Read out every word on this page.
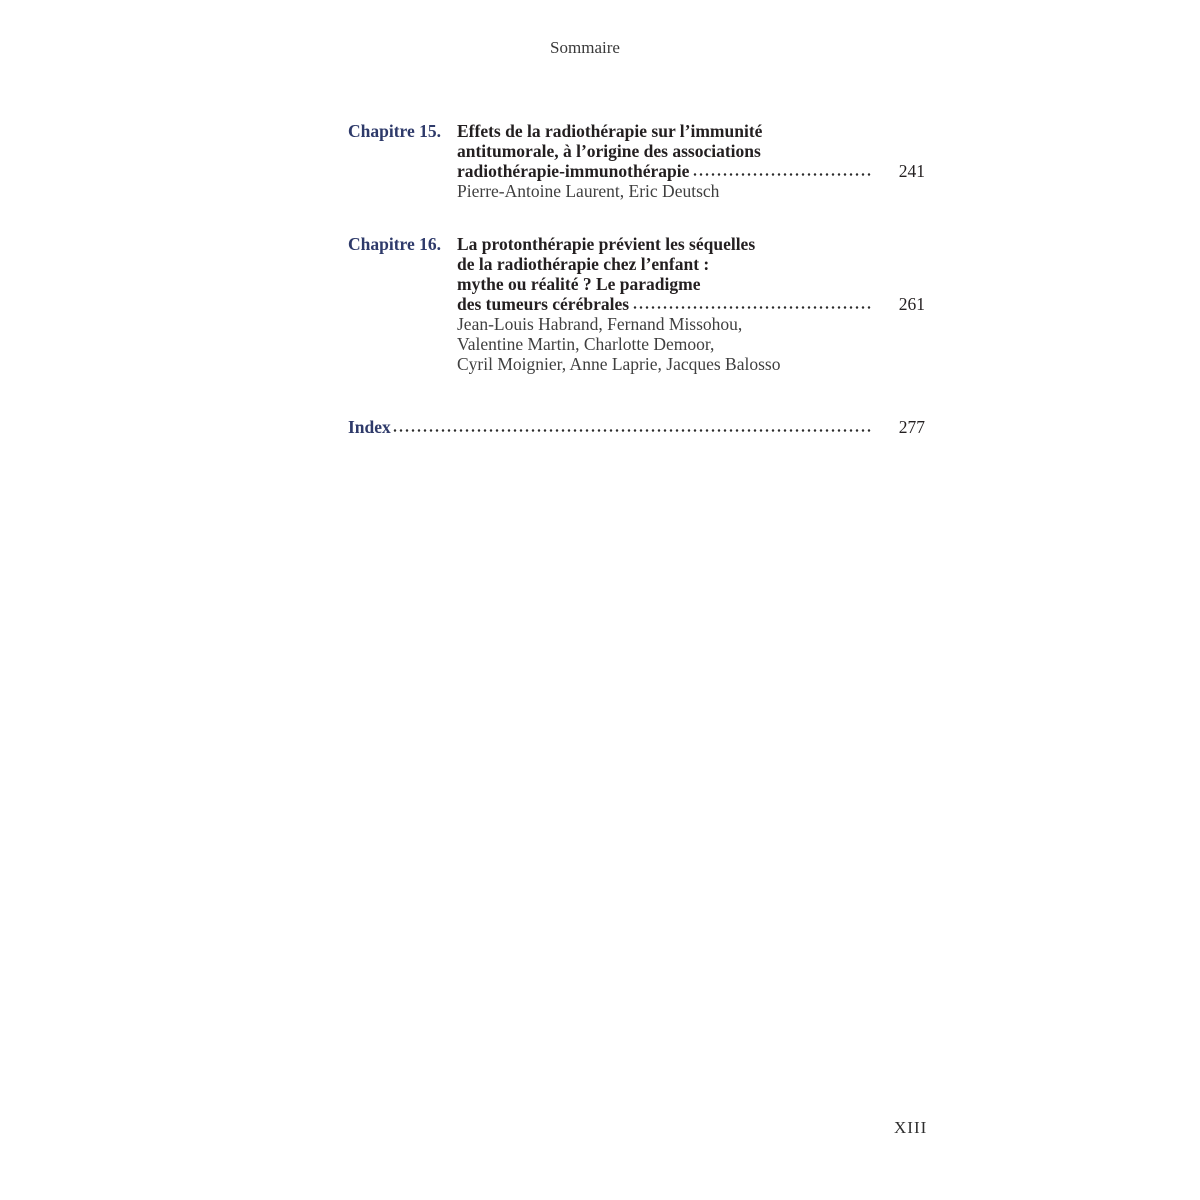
Sommaire
Chapitre 15. Effets de la radiothérapie sur l’immunité
antitumorale, à l’origine des associations
radiothérapie-immunothérapie	241
Pierre-Antoine Laurent, Eric Deutsch
Chapitre 16. La protonthérapie prévient les séquelles
de la radiothérapie chez l’enfant :
mythe ou réalité ? Le paradigme
des tumeurs cérébrales	261
Jean-Louis Habrand, Fernand Missohou,
Valentine Martin, Charlotte Demoor,
Cyril Moignier, Anne Laprie, Jacques Balosso
Index	277
XIII
